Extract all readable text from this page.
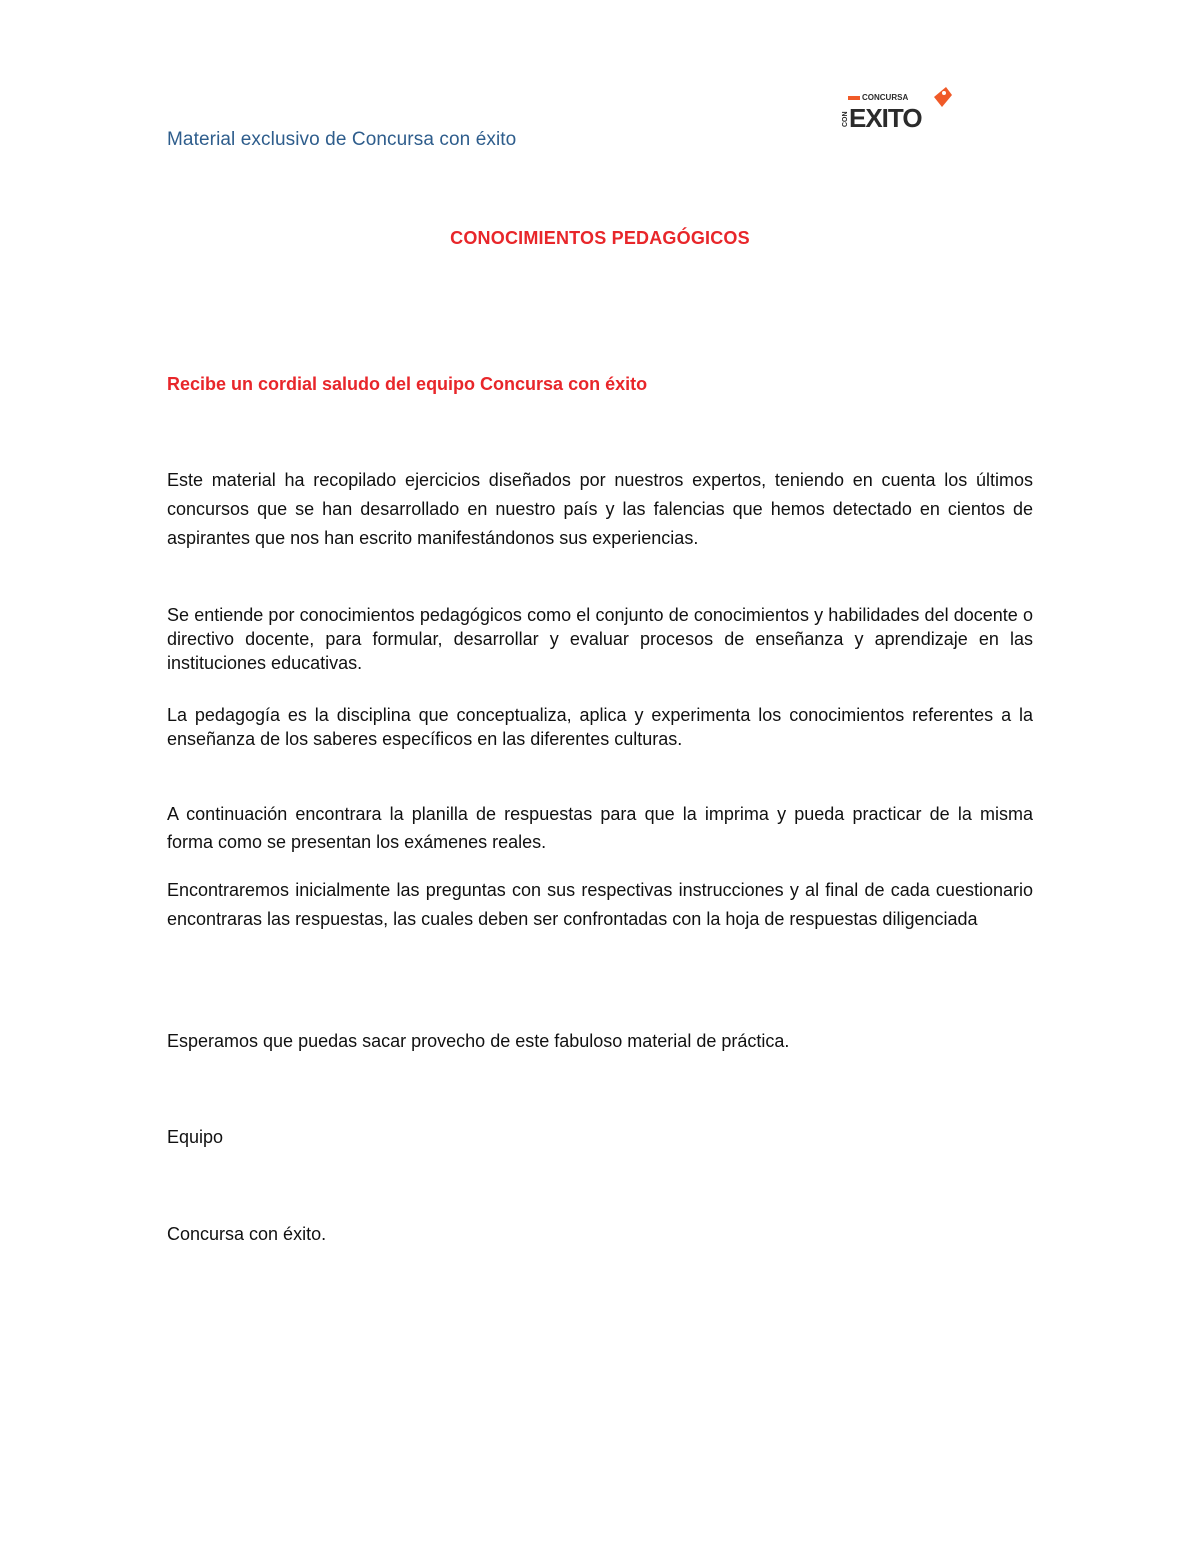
Material exclusivo de Concursa con éxito
CONCURSA
CON EXITO
CONOCIMIENTOS PEDAGÓGICOS
Recibe un cordial saludo del equipo Concursa con éxito
Este material ha recopilado ejercicios diseñados por nuestros expertos, teniendo en cuenta los últimos concursos que se han desarrollado en nuestro país y las falencias que hemos detectado en cientos de aspirantes que nos han escrito manifestándonos sus experiencias.
Se entiende por conocimientos pedagógicos como el conjunto de conocimientos y habilidades del docente o directivo docente, para formular, desarrollar y evaluar procesos de enseñanza y aprendizaje en las instituciones educativas.
La pedagogía es la disciplina que conceptualiza, aplica y experimenta los conocimientos referentes a la enseñanza de los saberes específicos en las diferentes culturas.
A continuación encontrara la planilla de respuestas para que la imprima y pueda practicar de la misma forma como se presentan los exámenes reales.
Encontraremos inicialmente las preguntas con sus respectivas instrucciones y al final de cada cuestionario encontraras las respuestas, las cuales deben ser confrontadas con la hoja de respuestas diligenciada
Esperamos que puedas sacar provecho de este fabuloso material de práctica.
Equipo
Concursa con éxito.
